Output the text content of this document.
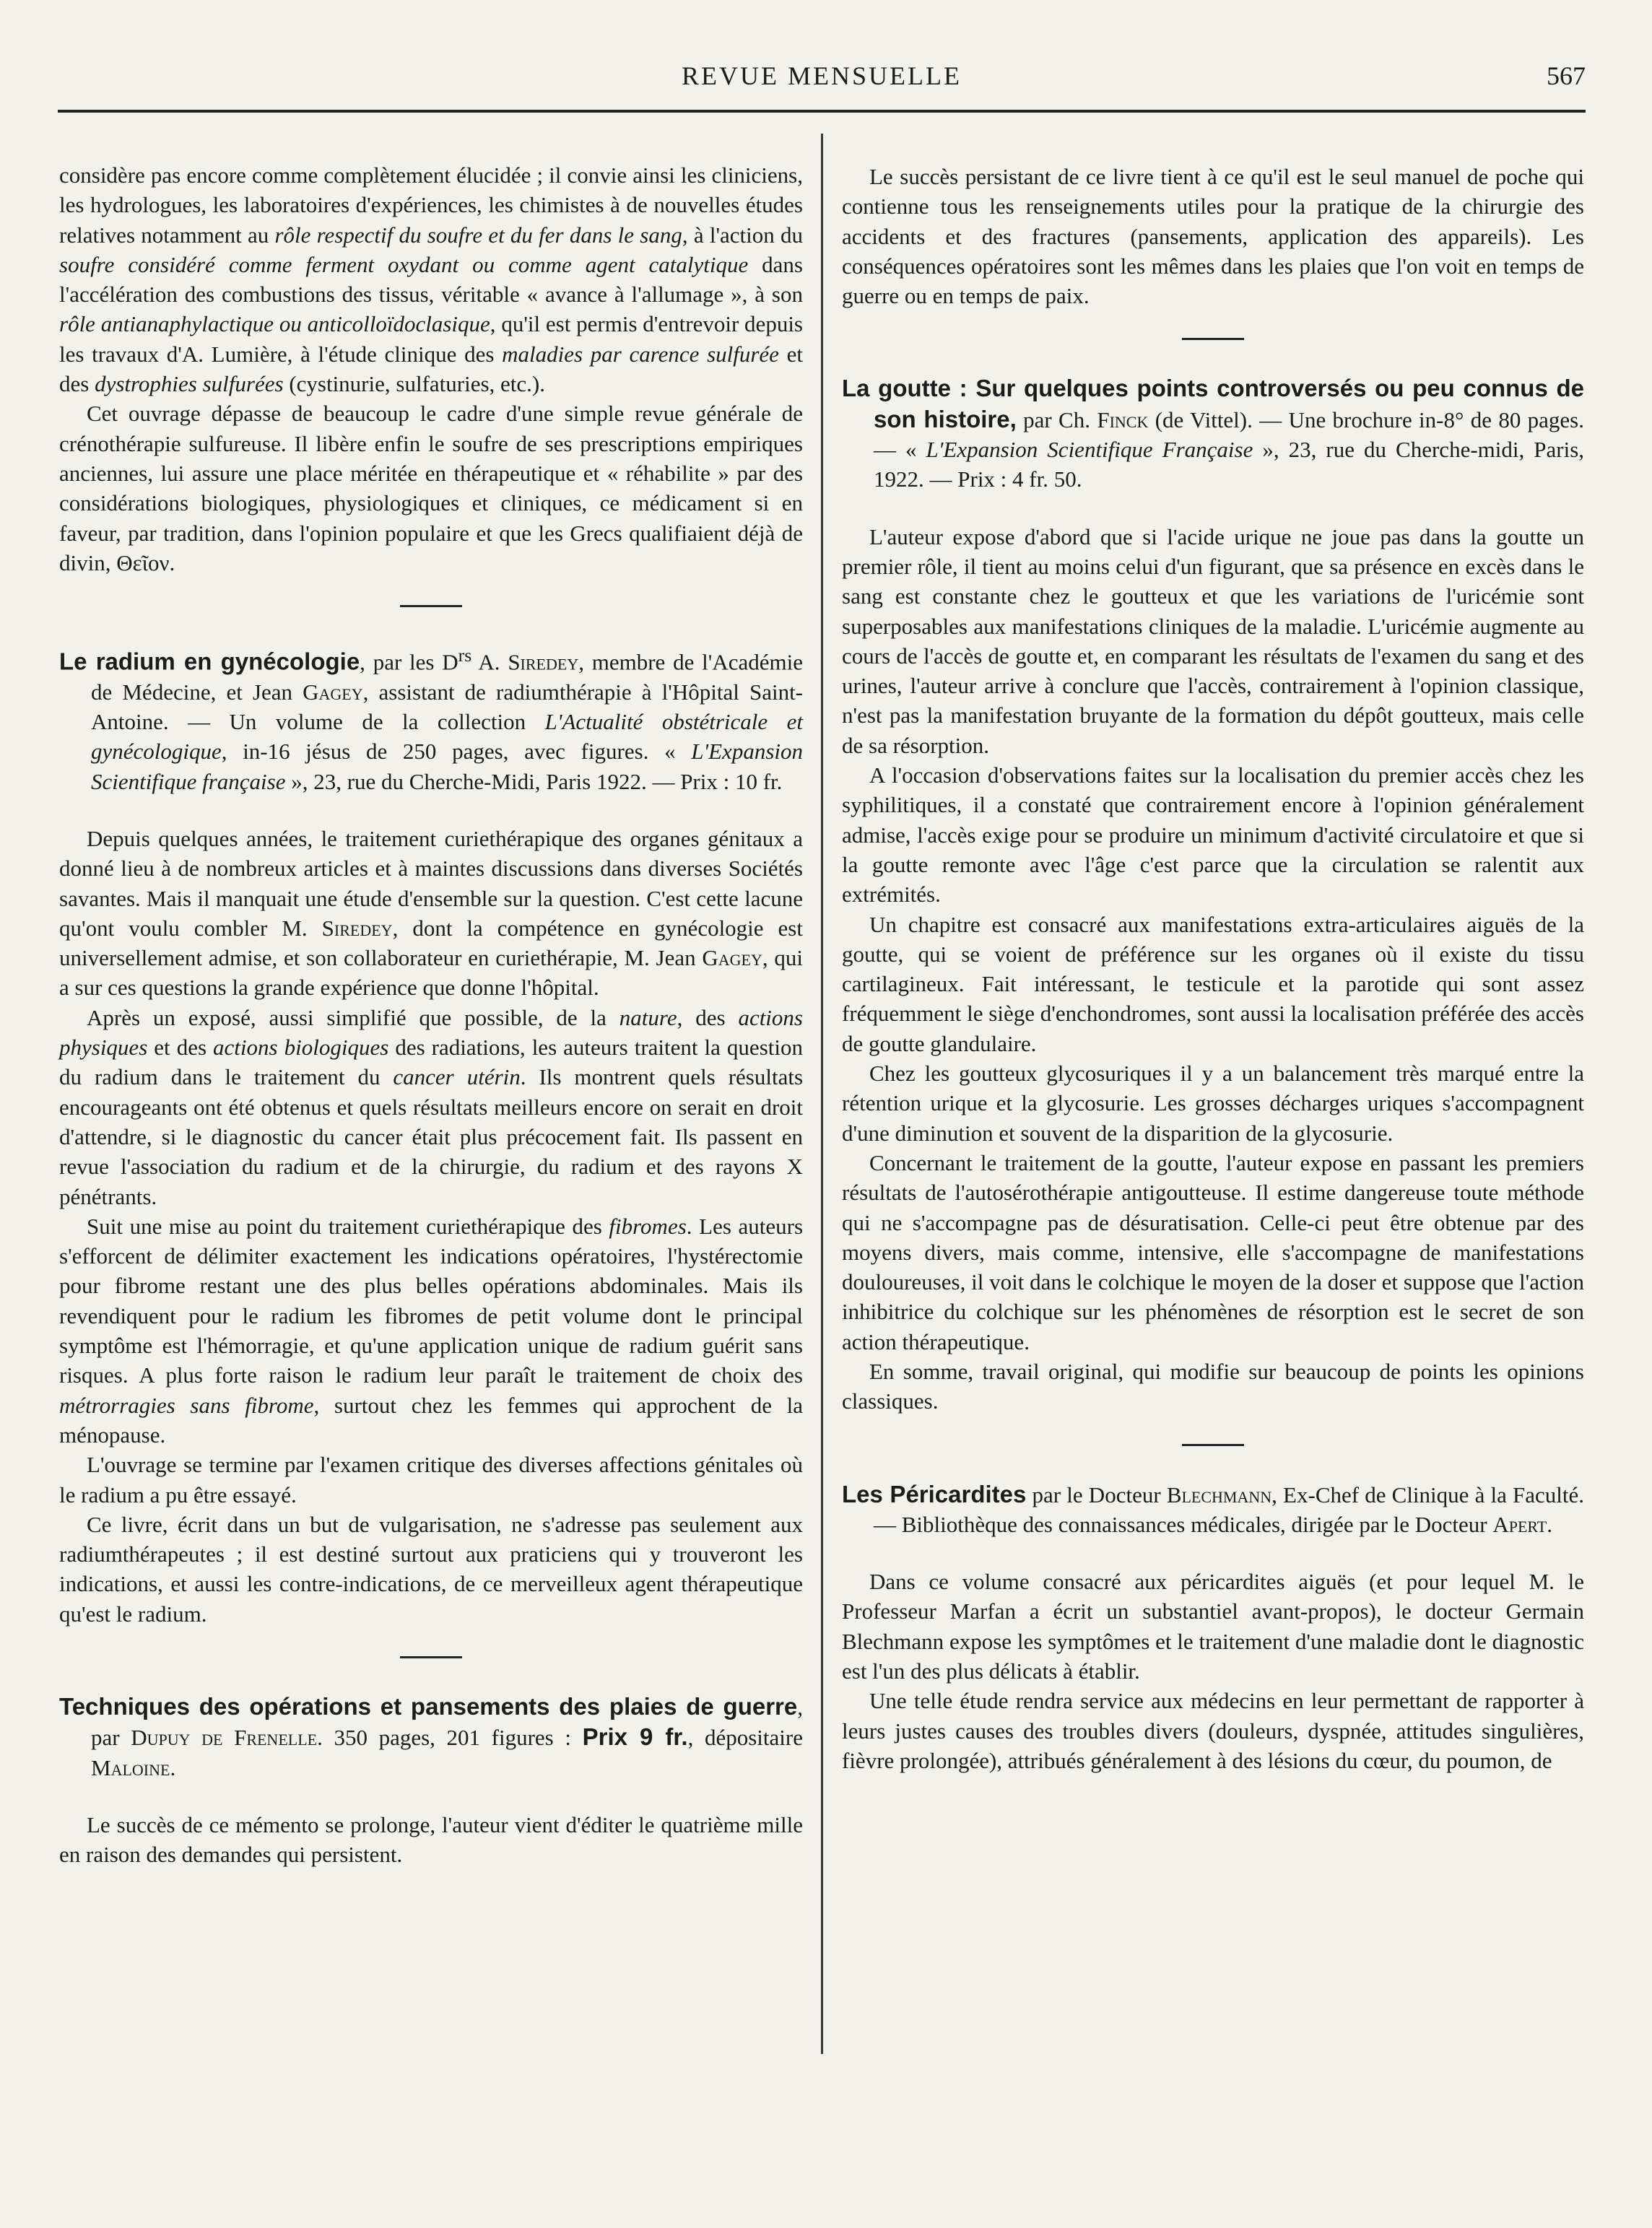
REVUE MENSUELLE	567

considère pas encore comme complètement élucidée ; il convie ainsi les cliniciens, les hydrologues, les laboratoires d'expériences, les chimistes à de nouvelles études relatives notamment au rôle respectif du soufre et du fer dans le sang, à l'action du soufre considéré comme ferment oxydant ou comme agent catalytique dans l'accélération des combustions des tissus, véritable « avance à l'allumage », à son rôle antianaphylactique ou anticolloïdoclasique, qu'il est permis d'entrevoir depuis les travaux d'A. Lumière, à l'étude clinique des maladies par carence sulfurée et des dystrophies sulfurées (cystinurie, sulfaturies, etc.).

Cet ouvrage dépasse de beaucoup le cadre d'une simple revue générale de crénothérapie sulfureuse. Il libère enfin le soufre de ses prescriptions empiriques anciennes, lui assure une place méritée en thérapeutique et « réhabilite » par des considérations biologiques, physiologiques et cliniques, ce médicament si en faveur, par tradition, dans l'opinion populaire et que les Grecs qualifiaient déjà de divin, Θεῖον.

Le radium en gynécologie, par les $D^{rs}$ A. Siredey, membre de l'Académie de Médecine, et Jean Gagey, assistant de radiumthérapie à l'Hôpital Saint-Antoine. — Un volume de la collection L'Actualité obstétricale et gynécologique, in-16 jésus de 250 pages, avec figures. « L'Expansion Scientifique française », 23, rue du Cherche-Midi, Paris 1922. — Prix : 10 fr.

Depuis quelques années, le traitement curiethérapique des organes génitaux a donné lieu à de nombreux articles et à maintes discussions dans diverses Sociétés savantes. Mais il manquait une étude d'ensemble sur la question. C'est cette lacune qu'ont voulu combler M. Siredey, dont la compétence en gynécologie est universellement admise, et son collaborateur en curiethérapie, M. Jean Gagey, qui a sur ces questions la grande expérience que donne l'hôpital.

Après un exposé, aussi simplifié que possible, de la nature, des actions physiques et des actions biologiques des radiations, les auteurs traitent la question du radium dans le traitement du cancer utérin. Ils montrent quels résultats encourageants ont été obtenus et quels résultats meilleurs encore on serait en droit d'attendre, si le diagnostic du cancer était plus précocement fait. Ils passent en revue l'association du radium et de la chirurgie, du radium et des rayons X pénétrants.

Suit une mise au point du traitement curiethérapique des fibromes. Les auteurs s'efforcent de délimiter exactement les indications opératoires, l'hystérectomie pour fibrome restant une des plus belles opérations abdominales. Mais ils revendiquent pour le radium les fibromes de petit volume dont le principal symptôme est l'hémorragie, et qu'une application unique de radium guérit sans risques. A plus forte raison le radium leur paraît le traitement de choix des métrorragies sans fibrome, surtout chez les femmes qui approchent de la ménopause.

L'ouvrage se termine par l'examen critique des diverses affections génitales où le radium a pu être essayé.

Ce livre, écrit dans un but de vulgarisation, ne s'adresse pas seulement aux radiumthérapeutes ; il est destiné surtout aux praticiens qui y trouveront les indications, et aussi les contre-indications, de ce merveilleux agent thérapeutique qu'est le radium.

Techniques des opérations et pansements des plaies de guerre, par Dupuy de Frenelle. 350 pages, 201 figures : Prix 9 fr., dépositaire Maloine.

Le succès de ce mémento se prolonge, l'auteur vient d'éditer le quatrième mille en raison des demandes qui persistent.

Le succès persistant de ce livre tient à ce qu'il est le seul manuel de poche qui contienne tous les renseignements utiles pour la pratique de la chirurgie des accidents et des fractures (pansements, application des appareils). Les conséquences opératoires sont les mêmes dans les plaies que l'on voit en temps de guerre ou en temps de paix.

La goutte : Sur quelques points controversés ou peu connus de son histoire, par Ch. Finck (de Vittel). — Une brochure in-8° de 80 pages. — « L'Expansion Scientifique Française », 23, rue du Cherche-midi, Paris, 1922. — Prix : 4 fr. 50.

L'auteur expose d'abord que si l'acide urique ne joue pas dans la goutte un premier rôle, il tient au moins celui d'un figurant, que sa présence en excès dans le sang est constante chez le goutteux et que les variations de l'uricémie sont superposables aux manifestations cliniques de la maladie. L'uricémie augmente au cours de l'accès de goutte et, en comparant les résultats de l'examen du sang et des urines, l'auteur arrive à conclure que l'accès, contrairement à l'opinion classique, n'est pas la manifestation bruyante de la formation du dépôt goutteux, mais celle de sa résorption.

A l'occasion d'observations faites sur la localisation du premier accès chez les syphilitiques, il a constaté que contrairement encore à l'opinion généralement admise, l'accès exige pour se produire un minimum d'activité circulatoire et que si la goutte remonte avec l'âge c'est parce que la circulation se ralentit aux extrémités.

Un chapitre est consacré aux manifestations extra-articulaires aiguës de la goutte, qui se voient de préférence sur les organes où il existe du tissu cartilagineux. Fait intéressant, le testicule et la parotide qui sont assez fréquemment le siège d'enchondromes, sont aussi la localisation préférée des accès de goutte glandulaire.

Chez les goutteux glycosuriques il y a un balancement très marqué entre la rétention urique et la glycosurie. Les grosses décharges uriques s'accompagnent d'une diminution et souvent de la disparition de la glycosurie.

Concernant le traitement de la goutte, l'auteur expose en passant les premiers résultats de l'autosérothérapie antigoutteuse. Il estime dangereuse toute méthode qui ne s'accompagne pas de désuratisation. Celle-ci peut être obtenue par des moyens divers, mais comme, intensive, elle s'accompagne de manifestations douloureuses, il voit dans le colchique le moyen de la doser et suppose que l'action inhibitrice du colchique sur les phénomènes de résorption est le secret de son action thérapeutique.

En somme, travail original, qui modifie sur beaucoup de points les opinions classiques.

Les Péricardites par le Docteur Blechmann, Ex-Chef de Clinique à la Faculté. — Bibliothèque des connaissances médicales, dirigée par le Docteur Apert.

Dans ce volume consacré aux péricardites aiguës (et pour lequel M. le Professeur Marfan a écrit un substantiel avant-propos), le docteur Germain Blechmann expose les symptômes et le traitement d'une maladie dont le diagnostic est l'un des plus délicats à établir.

Une telle étude rendra service aux médecins en leur permettant de rapporter à leurs justes causes des troubles divers (douleurs, dyspnée, attitudes singulières, fièvre prolongée), attribués généralement à des lésions du cœur, du poumon, de
